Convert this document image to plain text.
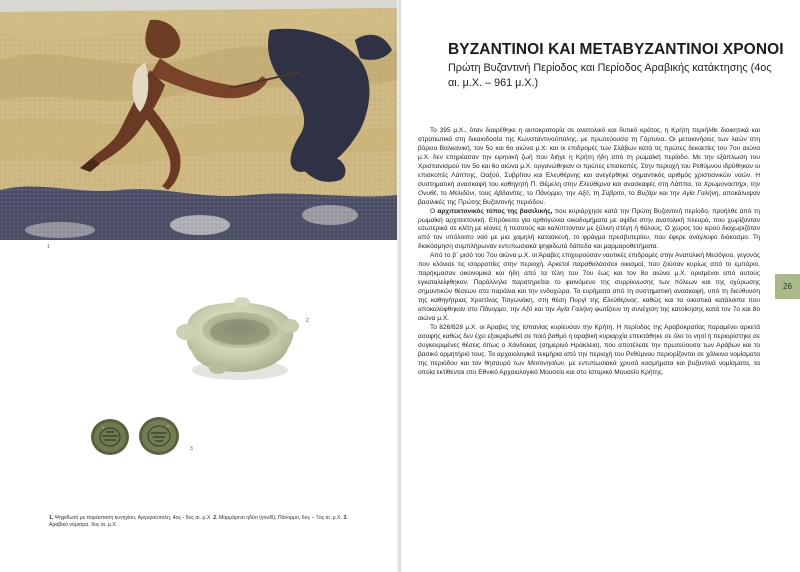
1
2
3
1. Ψηφιδωτό με παράσταση κυνηγίου, Αργυρούπολη, 4ος - 5ος αι. μ.Χ. 2. Μαρμάρινο ηδύο (γουδί), Πάνορμο, 6ος – 7ος αι. μ.Χ. 3. Αραβικό νόμισμα, 9ος αι. μ.Χ.
ΒΥΖΑΝΤΙΝΟΙ ΚΑΙ ΜΕΤΑΒΥΖΑΝΤΙΝΟΙ ΧΡΟΝΟΙ
Πρώτη Βυζαντινή Περίοδος και Περίοδος Αραβικής κατάκτησης (4ος αι. μ.Χ. – 961 μ.Χ.)

Το 395 μ.Χ., όταν διαιρέθηκε η αυτοκρατορία σε ανατολικό και δυτικό κράτος, η Κρήτη περιήλθε διοικητικά και στρατιωτικά στη δικαιοδοσία της Κωνσταντινούπολης, με πρωτεύουσα τη Γόρτυνα. Οι μετακινήσεις των λαών στη βόρεια Βαλκανική, τον 5ο και 6ο αιώνα μ.Χ. και οι επιδρομές των Σλάβων κατά τις πρώτες δεκαετίες του 7ου αιώνα μ.Χ. δεν επηρέασαν την ειρηνική ζωή που διήγε η Κρήτη ήδη από τη ρωμαϊκή περίοδο. Με την εξάπλωση του Χριστιανισμού τον 5ο και 6ο αιώνα μ.Χ. οργανώθηκαν οι πρώτες επισκοπές. Στην περιοχή του Ρεθύμνου ιδρύθηκαν οι επισκοπές Λάππης, Οαξού, Συβρίτου και Ελευθέρνης και ανεγέρθηκε σημαντικός αριθμός χριστιανικών ναών. Η συστηματική ανασκαφή του καθηγητή Π. Θέμελη στην Ελεύθερνα και ανασκαφές στη Λάππα, το Χρωμοναστήρι, την Ονυθέ, το Μελιδόνι, τους Αβδανίτες, το Πάνορμο, την Αξό, τη Σύβριτο, το Βυζάρι και την Αγία Γαλήνη, αποκάλυψαν βασιλικές της Πρώτης Βυζαντινής περιόδου.

Ο αρχιτεκτονικός τύπος της βασιλικής, που κυριάρχησε κατά την Πρώτη Βυζαντινή περίοδο, προήλθε από τη ρωμαϊκή αρχιτεκτονική. Επρόκειτο για ορθογώνια οικοδομήματα με αψίδα στην ανατολική πλευρά, που χωρίζονταν εσωτερικά σε κλίτη με κίονες ή πεσσούς και καλύπτονταν με ξύλινη στέγη ή θόλους. Ο χώρος του ιερού διαχωριζόταν από τον υπόλοιπο ναό με μια χαμηλή κατασκευή, το φράγμα πρεσβυτερίου, που έφερε ανάγλυφο διάκοσμο. Τη διακόσμηση συμπλήρωναν εντυπωσιακά ψηφιδωτά δάπεδα και μαρμαροθετήματα.

Από το β΄ μισό του 7ου αιώνα μ.Χ. οι Άραβες επιχειρούσαν ναυτικές επιδρομές στην Ανατολική Μεσόγειο, γεγονός που κλόνισε τις ισορροπίες στην περιοχή. Αρκετοί παραθαλάσσιοι οικισμοί, που ζούσαν κυρίως από το εμπόριο, παρήκμασαν οικονομικά και ήδη από τα τέλη του 7ου έως και τον 8ο αιώνα μ.Χ. ορισμένοι από αυτούς εγκαταλείφθηκαν. Παράλληλα παρατηρείται το φαινόμενο της συρρίκνωσης των πόλεων και της οχύρωσης σημαντικών θέσεων στα παράλια και την ενδοχώρα. Τα ευρήματα από τη συστηματική ανασκαφή, υπό τη διεύθυνση της καθηγήτριας Χριστίνας Τσιγωνάκη, στη θέση Πυργί της Ελεύθερνας, καθώς και τα οικιστικά κατάλοιπα που αποκαλύφθηκαν στο Πάνορμο, την Αξό και την Αγία Γαλήνη φωτίζουν τη συνέχιση της κατοίκησης κατά τον 7ο και 8ο αιώνα μ.Χ.

Το 826/828 μ.Χ. οι Άραβες της Ισπανίας κυρίευσαν την Κρήτη. Η περίοδος της Αραβοκρατίας παραμένει αρκετά ασαφής καθώς δεν έχει εξακριβωθεί σε ποιό βαθμό η αραβική κυριαρχία επεκτάθηκε σε όλο το νησί ή περιορίστηκε σε συγκεκριμένες θέσεις όπως ο Χάνδακας (σημερινό Ηράκλειο), που αποτέλεσε την πρωτεύουσα των Αράβων και το βασικό ορμητήριό τους. Τα αρχαιολογικά τεκμήρια από την περιοχή του Ρεθύμνου περιορίζονται σε χάλκινα νομίσματα της περιόδου και τον θησαυρό των Μεσονησίων, με εντυπωσιακά χρυσά κοσμήματα και βυζαντινά νομίσματα, τα οποία εκτίθενται στο Εθνικό Αρχαιολογικό Μουσείο και στο Ιστορικό Μουσείο Κρήτης.

26
